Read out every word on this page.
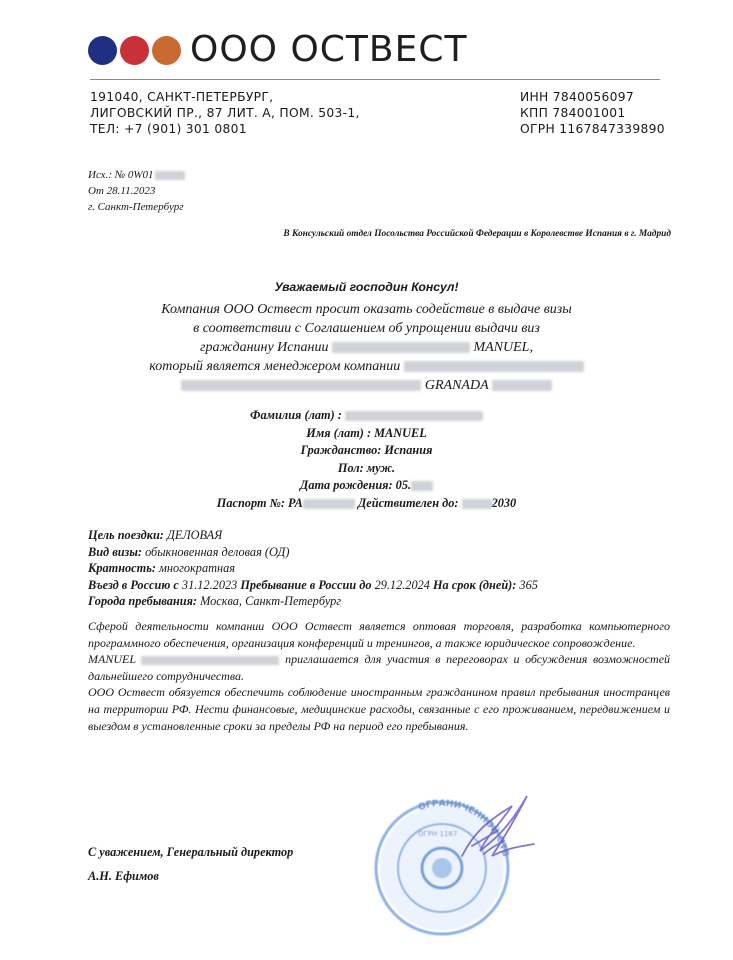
ООО ОСТВЕСТ
191040, САНКТ-ПЕТЕРБУРГ,
ЛИГОВСКИЙ ПР., 87 ЛИТ. А, ПОМ. 503-1,
ТЕЛ: +7 (901) 301 0801
ИНН 7840056097
КПП 784001001
ОГРН 1167847339890
Исх.: № 0W01
От 28.11.2023
г. Санкт-Петербург
В Консульский отдел Посольства Российской Федерации в Королевстве Испания в г. Мадрид
Уважаемый господин Консул!
Компания ООО Оствест просит оказать содействие в выдаче визы
в соответствии с Соглашением об упрощении выдачи виз
гражданину Испании	MANUEL,
который является менеджером компании
GRANADA
Фамилия (лат) :
Имя (лат) : MANUEL
Гражданство: Испания
Пол: муж.
Дата рождения: 05.
Паспорт №: PA	Действителен до:	2030
Цель поездки: ДЕЛОВАЯ
Вид визы: обыкновенная деловая (ОД)
Кратность: многократная
Въезд в Россию с 31.12.2023 Пребывание в Росcии до 29.12.2024 На срок (дней): 365
Города пребывания: Москва, Санкт-Петербург

Сферой деятельности компании ООО Оствест является оптовая торговля, разработка компьютерного программного обеспечения, организация конференций и тренингов, а также юридическое сопровождение.

MANUEL	приглашается для участия в переговорах и обсуждения возможностей дальнейшего сотрудничества.

ООО Оствест обязуется обеспечить соблюдение иностранным гражданином правил пребывания иностранцев на территории РФ. Нести финансовые, медицинские расходы, связанные с его проживанием, передвижением и выездом в установленные сроки за пределы РФ на период его пребывания.

С уважением, Генеральный директор
А.Н. Ефимов
ОГРАНИЧЕННОЙ ОТВ
ОГРН 1167
